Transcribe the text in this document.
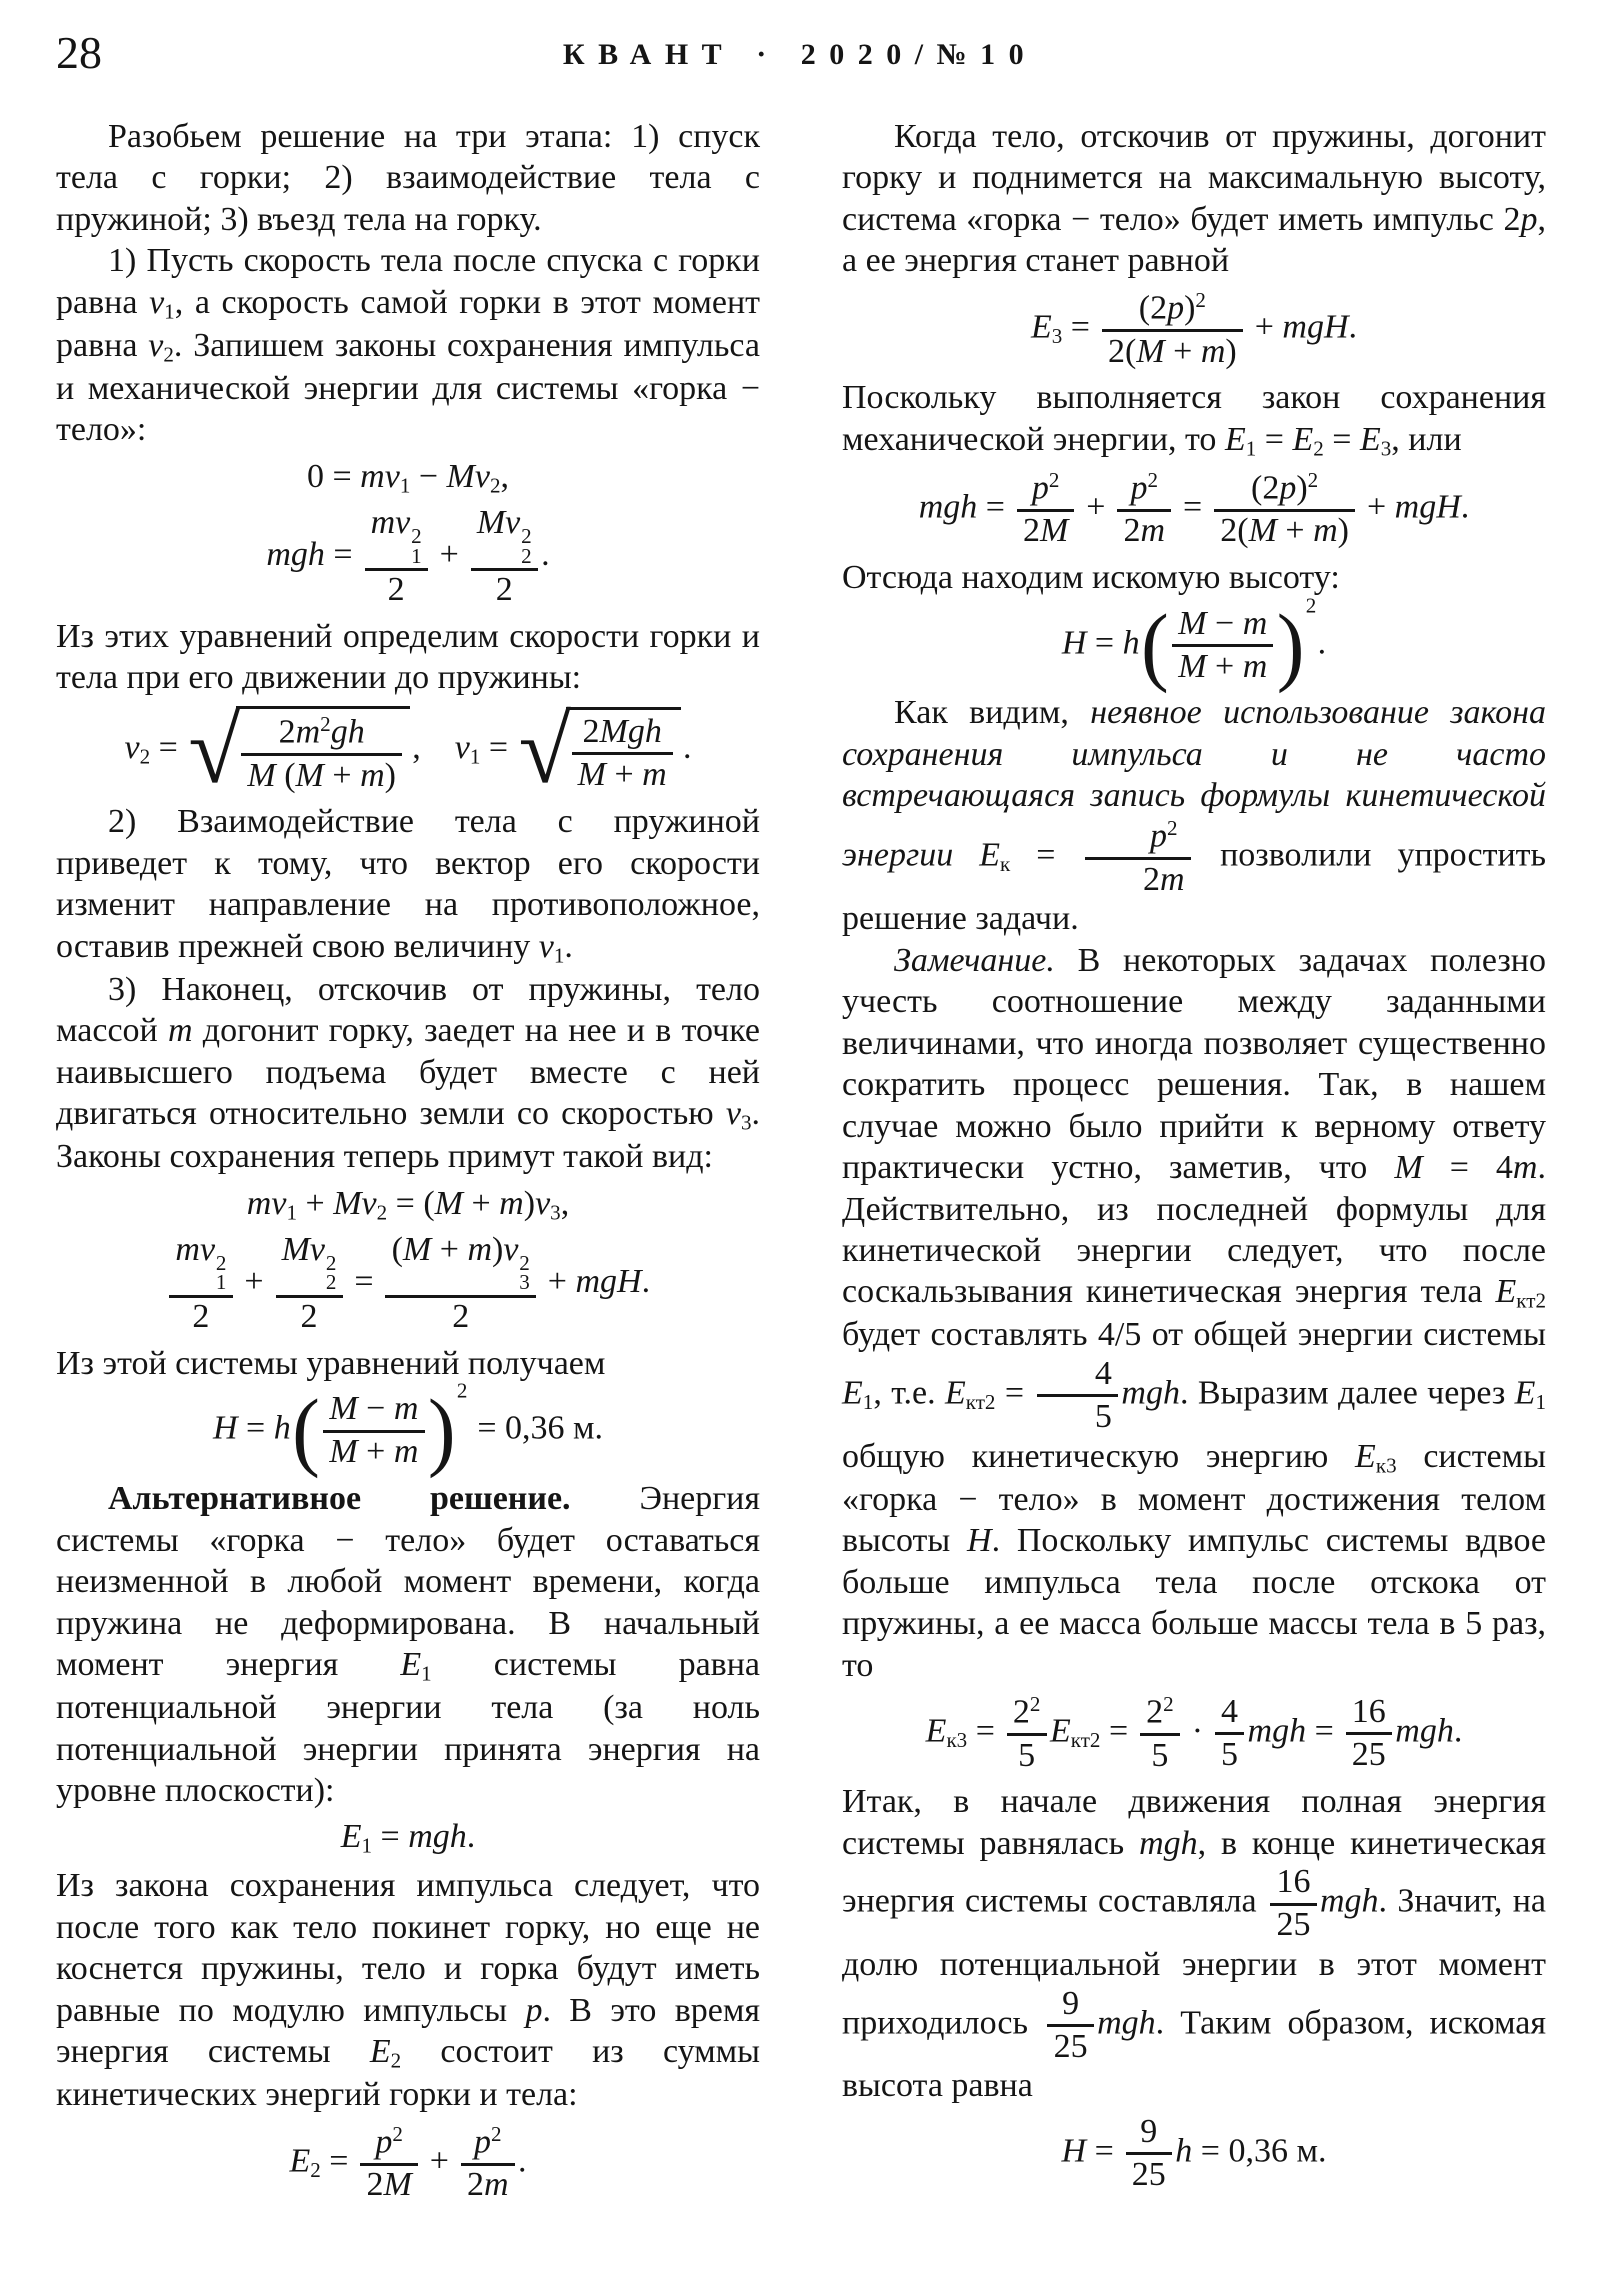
28	КВАНТ · 2020/№10
Разобьем решение на три этапа: 1) спуск тела с горки; 2) взаимодействие тела с пружиной; 3) въезд тела на горку.
1) Пусть скорость тела после спуска с горки равна v1, а скорость самой горки в этот момент равна v2. Запишем законы сохранения импульса и механической энергии для системы «горка − тело»:
0 = mv1 − Mv2,
mgh = mv 2
1
2 + Mv 2
2
2 .
Из этих уравнений определим скорости горки и тела при его движении до пружины:
v2 = √ $\frac{2m^2gh}{M (M + m)}$ , v1 = √ $\frac{\text{2Mgh}}{M + m}$ .
2) Взаимодействие тела с пружиной приведет к тому, что вектор его скорости изменит направление на противоположное, оставив прежней свою величину v1.
3) Наконец, отскочив от пружины, тело массой m догонит горку, заедет на нее и в точке наивысшего подъема будет вместе с ней двигаться относительно земли со скоростью v3. Законы сохранения теперь примут такой вид:
mv1 + Mv2 = (M + m)v3,
mv 2
1
2 + Mv 2
2
2 = (M + m)v 2
3
2 + mgH.
Из этой системы уравнений получаем
H = h ( $\frac{M - m}{M + m}$ ) 2
= 0,36 м.
Альтернативное решение. Энергия системы «горка − тело» будет оставаться неизменной в любой момент времени, когда пружина не деформирована. В начальный момент энергия E1 системы равна потенциальной энергии тела (за ноль потенциальной энергии принята энергия на уровне плоскости):
E1 = mgh.
Из закона сохранения импульса следует, что после того как тело покинет горку, но еще не коснется пружины, тело и горка будут иметь равные по модулю импульсы p. В это время энергия системы E2 состоит из суммы кинетических энергий горки и тела:
$E2 = \frac{p^2}{2M} + \frac{p^2}{2m}$ .
Когда тело, отскочив от пружины, догонит горку и поднимется на максимальную высоту, система «горка − тело» будет иметь импульс 2p, а ее энергия станет равной
$E3 = \frac{(2p)^2}{2(M + m)}$ + mgH.
Поскольку выполняется закон сохранения механической энергии, то E1 = E2 = E3, или
mgh = $\frac{p^2}{2M} + \frac{p^2}{2m} = \frac{(2p)^2}{2(M + m)}$ + mgH.
Отсюда находим искомую высоту:
H = h ( $\frac{M - m}{M + m}$ ) 2
.
Как видим, неявное использование закона сохранения импульса и не часто встречающаяся запись формулы кинетической энергии Eк = $\frac{p^2}{2m}$ позволили упростить решение задачи.
Замечание. В некоторых задачах полезно учесть соотношение между заданными величинами, что иногда позволяет существенно сократить процесс решения. Так, в нашем случае можно было прийти к верному ответу практически устно, заметив, что M = 4m. Действительно, из последней формулы для кинетической энергии следует, что после соскальзывания кинетическая энергия тела Eкт2 будет составлять 4/5 от общей энергии системы E1, т.е. $Eкт2 = \frac{4}{5}$ mgh. Выразим далее через E1 общую кинетическую энергию Eк3 системы «горка − тело» в момент достижения телом высоты H. Поскольку импульс системы вдвое больше импульса тела после отскока от пружины, а ее масса больше массы тела в 5 раз, то
$Eк3 = \frac{2^2}{5} Eкт2 = \frac{2^2}{5} \cdot \frac{4}{5}$ mgh = $\frac{16}{25}$ mgh.
Итак, в начале движения полная энергия системы равнялась mgh, в конце кинетическая энергия системы составляла $\frac{16}{25}$ mgh. Значит, на долю потенциальной энергии в этот момент приходилось $\frac{9}{25}$ mgh. Таким образом, искомая высота равна
$H = \frac{9}{25}$ h = 0,36 м.
